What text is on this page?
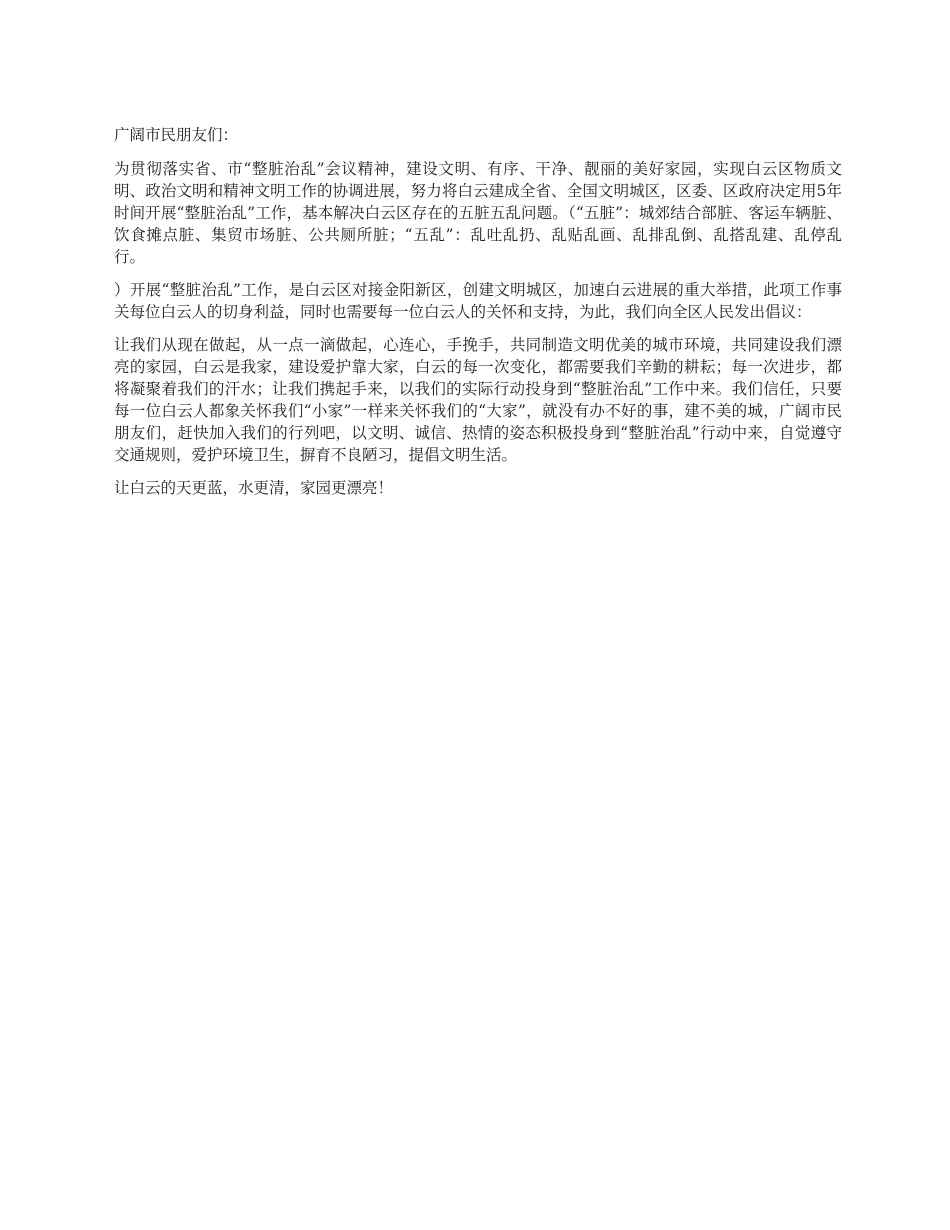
广阔市民朋友们：

为贯彻落实省、市“整脏治乱”会议精神，建设文明、有序、干净、靓丽的美好家园，实现白云区物质文明、政治文明和精神文明工作的协调进展，努力将白云建成全省、全国文明城区，区委、区政府决定用5年时间开展“整脏治乱”工作，基本解决白云区存在的五脏五乱问题。（“五脏”：城郊结合部脏、客运车辆脏、饮食摊点脏、集贸市场脏、公共厕所脏；“五乱”：乱吐乱扔、乱贴乱画、乱排乱倒、乱搭乱建、乱停乱行。

）开展“整脏治乱”工作，是白云区对接金阳新区，创建文明城区，加速白云进展的重大举措，此项工作事关每位白云人的切身利益，同时也需要每一位白云人的关怀和支持，为此，我们向全区人民发出倡议：

让我们从现在做起，从一点一滴做起，心连心，手挽手，共同制造文明优美的城市环境，共同建设我们漂亮的家园，白云是我家，建设爱护靠大家，白云的每一次变化，都需要我们辛勤的耕耘；每一次进步，都将凝聚着我们的汗水；让我们携起手来，以我们的实际行动投身到“整脏治乱”工作中来。我们信任，只要每一位白云人都象关怀我们“小家”一样来关怀我们的“大家”，就没有办不好的事，建不美的城，广阔市民朋友们，赶快加入我们的行列吧，以文明、诚信、热情的姿态积极投身到“整脏治乱”行动中来，自觉遵守交通规则，爱护环境卫生，摒育不良陋习，提倡文明生活。

让白云的天更蓝，水更清，家园更漂亮！
